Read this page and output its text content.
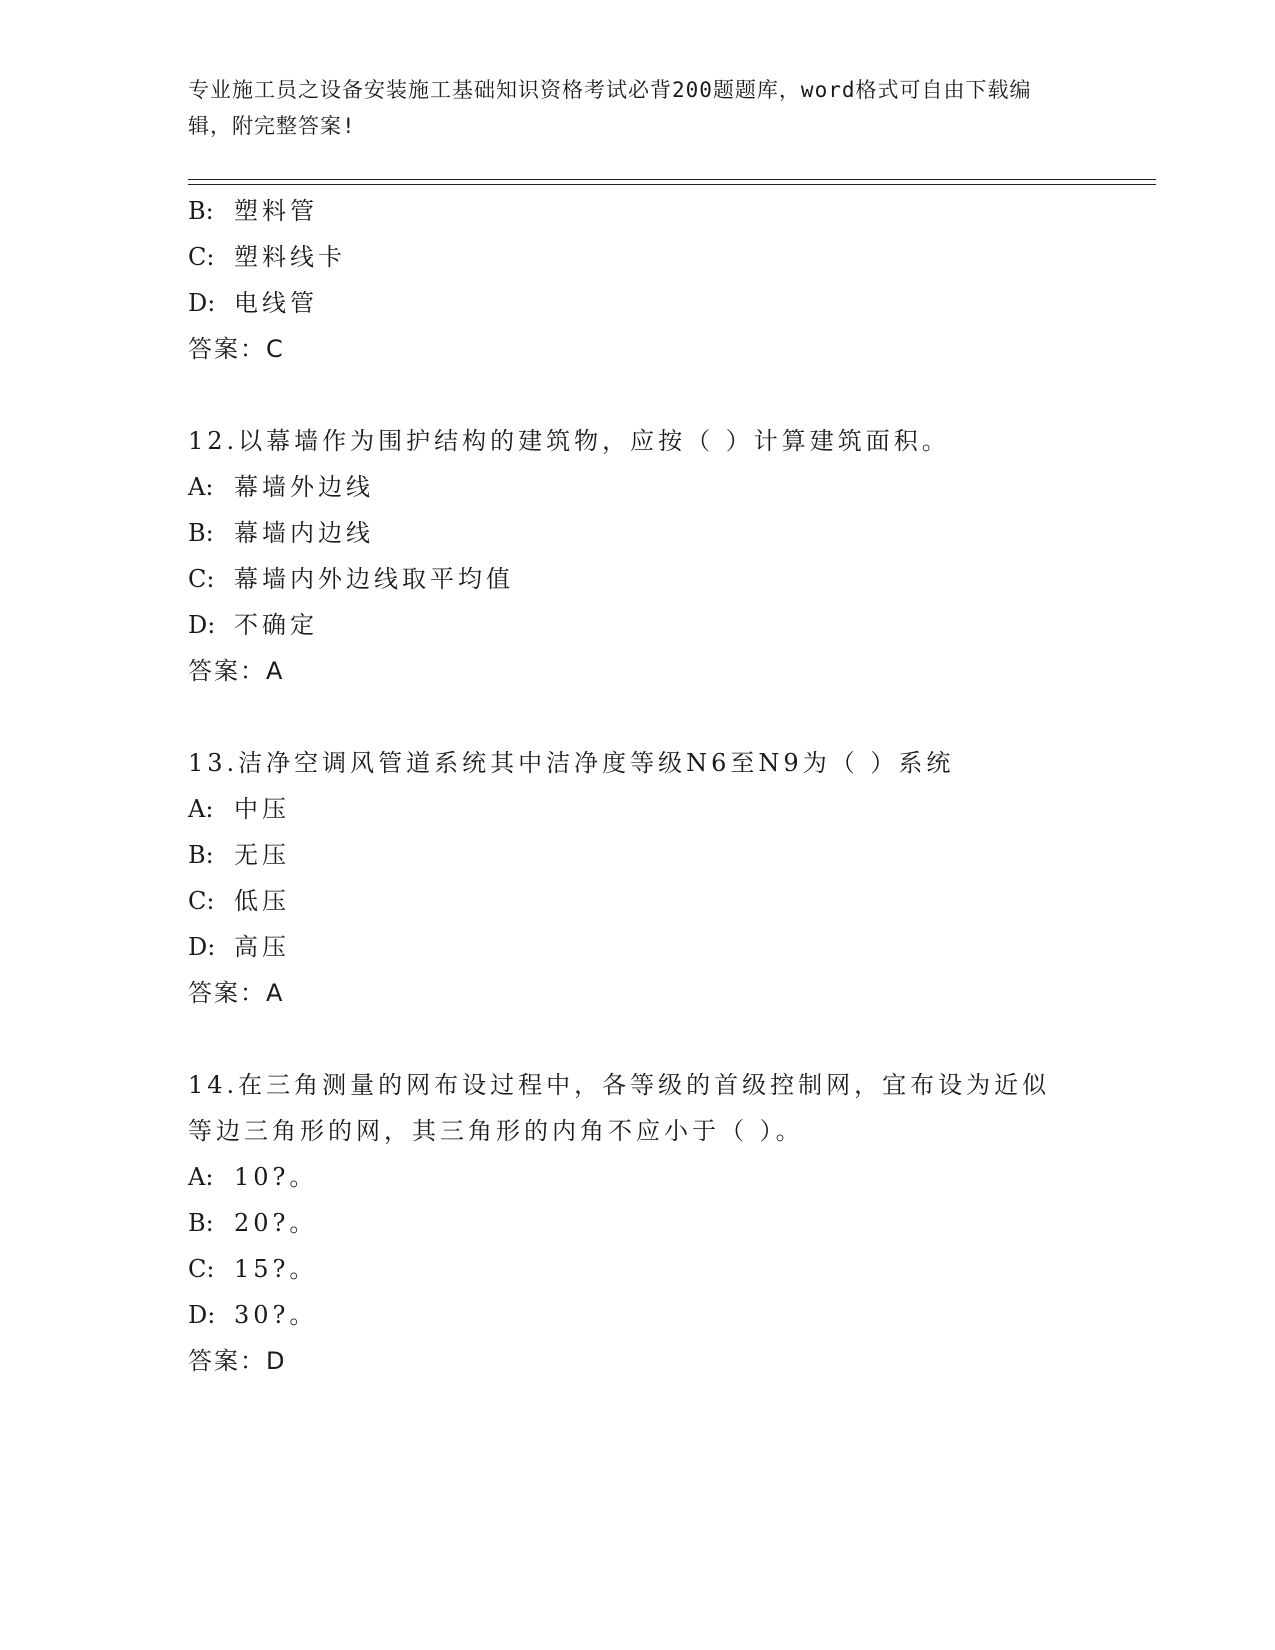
专业施工员之设备安装施工基础知识资格考试必背200题题库，word格式可自由下载编辑，附完整答案!
B: 塑料管
C: 塑料线卡
D: 电线管
答案：C
12.以幕墙作为围护结构的建筑物，应按（ ）计算建筑面积。
A: 幕墙外边线
B: 幕墙内边线
C: 幕墙内外边线取平均值
D: 不确定
答案：A
13.洁净空调风管道系统其中洁净度等级N6至N9为（ ）系统
A: 中压
B: 无压
C: 低压
D: 高压
答案：A
14.在三角测量的网布设过程中，各等级的首级控制网，宜布设为近似
等边三角形的网，其三角形的内角不应小于（ ）。
A: 10?。
B: 20?。
C: 15?。
D: 30?。
答案：D
